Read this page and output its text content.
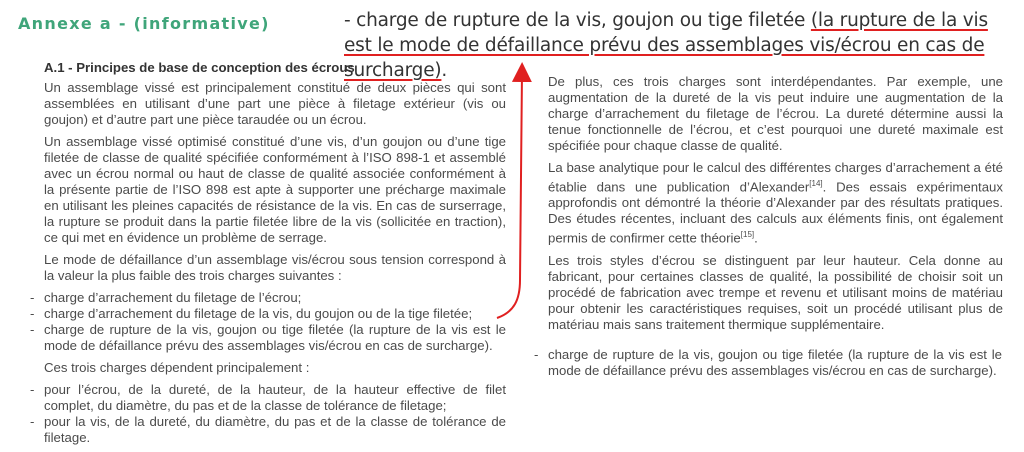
Annexe a - (informative)	- charge de rupture de la vis, goujon ou tige filetée (la rupture de la vis est le mode de défaillance prévu des assemblages vis/écrou en cas de surcharge).

A.1 - Principes de base de conception des écrous

Un assemblage vissé est principalement constitué de deux pièces qui sont assemblées en utilisant d’une part une pièce à filetage extérieur (vis ou goujon) et d’autre part une pièce taraudée ou un écrou.

Un assemblage vissé optimisé constitué d’une vis, d’un goujon ou d’une tige filetée de classe de qualité spécifiée conformément à l’ISO 898-1 et assemblé avec un écrou normal ou haut de classe de qualité associée conformément à la présente partie de l’ISO 898 est apte à supporter une précharge maximale en utilisant les pleines capacités de résistance de la vis. En cas de surserrage, la rupture se produit dans la partie filetée libre de la vis (sollicitée en traction), ce qui met en évidence un problème de serrage.

Le mode de défaillance d’un assemblage vis/écrou sous tension correspond à la valeur la plus faible des trois charges suivantes :

- charge d’arrachement du filetage de l’écrou;
- charge d’arrachement du filetage de la vis, du goujon ou de la tige filetée;
- charge de rupture de la vis, goujon ou tige filetée (la rupture de la vis est le mode de défaillance prévu des assemblages vis/écrou en cas de surcharge).

Ces trois charges dépendent principalement :

- pour l’écrou, de la dureté, de la hauteur, de la hauteur effective de filet complet, du diamètre, du pas et de la classe de tolérance de filetage;
- pour la vis, de la dureté, du diamètre, du pas et de la classe de tolérance de filetage.

De plus, ces trois charges sont interdépendantes. Par exemple, une augmentation de la dureté de la vis peut induire une augmentation de la charge d’arrachement du filetage de l’écrou. La dureté détermine aussi la tenue fonctionnelle de l’écrou, et c’est pourquoi une dureté maximale est spécifiée pour chaque classe de qualité.

La base analytique pour le calcul des différentes charges d’arrachement a été établie dans une publication d’Alexander[14]. Des essais expérimentaux approfondis ont démontré la théorie d’Alexander par des résultats pratiques. Des études récentes, incluant des calculs aux éléments finis, ont également permis de confirmer cette théorie[15].

Les trois styles d’écrou se distinguent par leur hauteur. Cela donne au fabricant, pour certaines classes de qualité, la possibilité de choisir soit un procédé de fabrication avec trempe et revenu et utilisant moins de matériau pour obtenir les caractéristiques requises, soit un procédé utilisant plus de matériau mais sans traitement thermique supplémentaire.

- charge de rupture de la vis, goujon ou tige filetée (la rupture de la vis est le mode de défaillance prévu des assemblages vis/écrou en cas de surcharge).
